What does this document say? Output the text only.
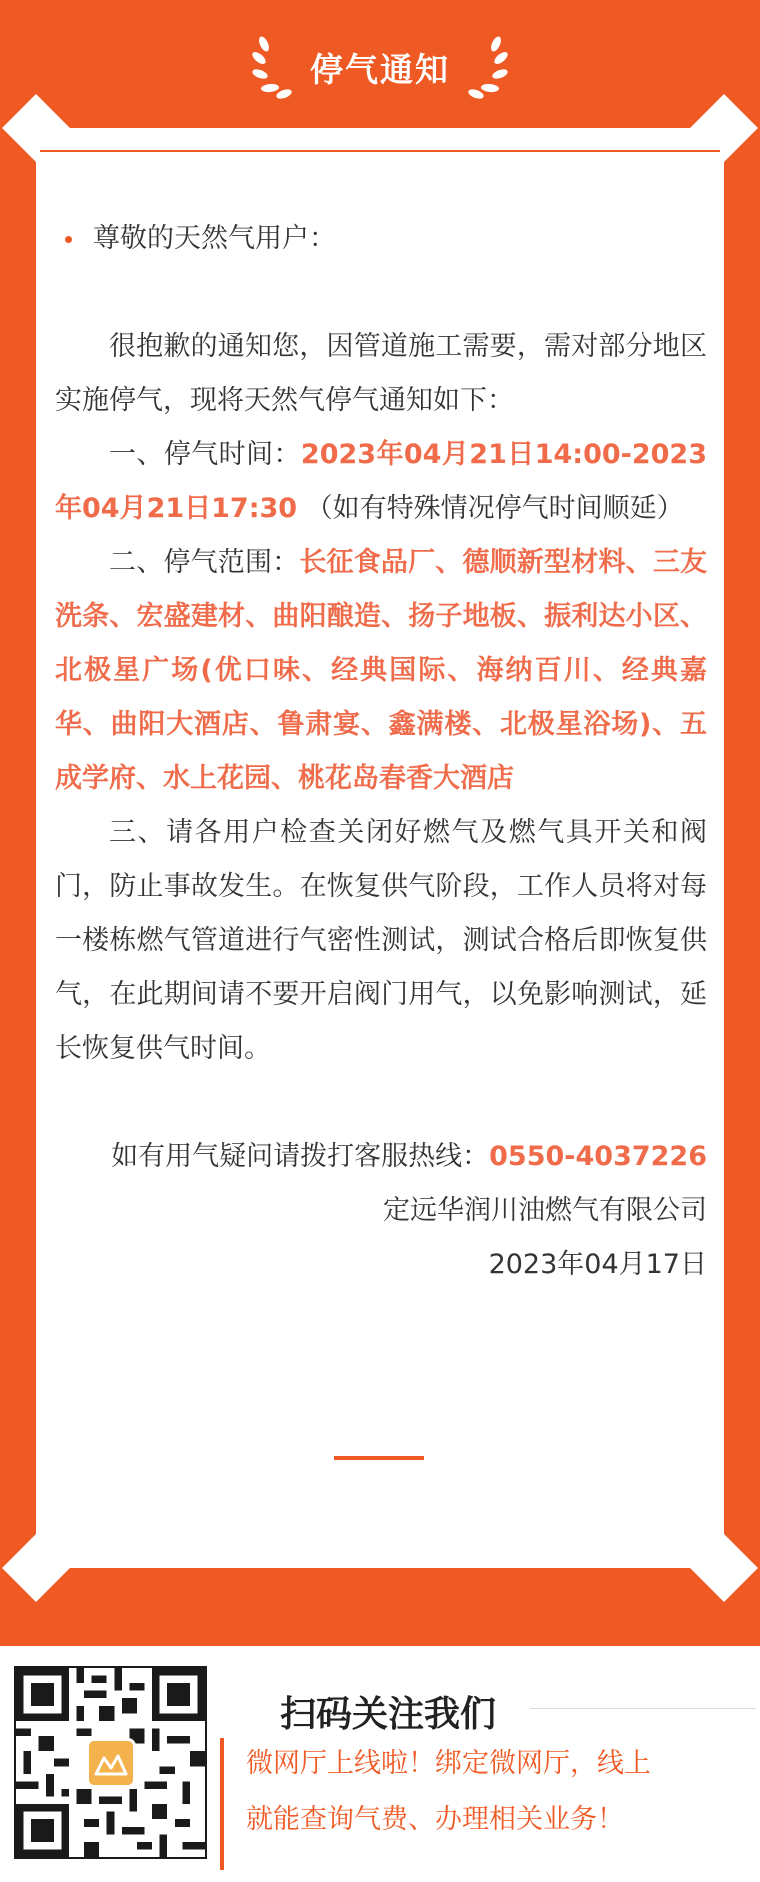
停气通知
尊敬的天然气用户：

很抱歉的通知您，因管道施工需要，需对部分地区实施停气，现将天然气停气通知如下：

一、停气时间：2023年04月21日14:00-2023年04月21日17:30 （如有特殊情况停气时间顺延）

二、停气范围：长征食品厂、德顺新型材料、三友洗条、宏盛建材、曲阳酿造、扬子地板、振利达小区、北极星广场(优口味、经典国际、海纳百川、经典嘉华、曲阳大酒店、鲁肃宴、鑫满楼、北极星浴场)、五成学府、水上花园、桃花岛春香大酒店

三、请各用户检查关闭好燃气及燃气具开关和阀门，防止事故发生。在恢复供气阶段，工作人员将对每一楼栋燃气管道进行气密性测试，测试合格后即恢复供气，在此期间请不要开启阀门用气，以免影响测试，延长恢复供气时间。

如有用气疑问请拨打客服热线：0550-4037226

定远华润川油燃气有限公司

2023年04月17日

扫码关注我们
微网厅上线啦！绑定微网厅，线上
就能查询气费、办理相关业务！
